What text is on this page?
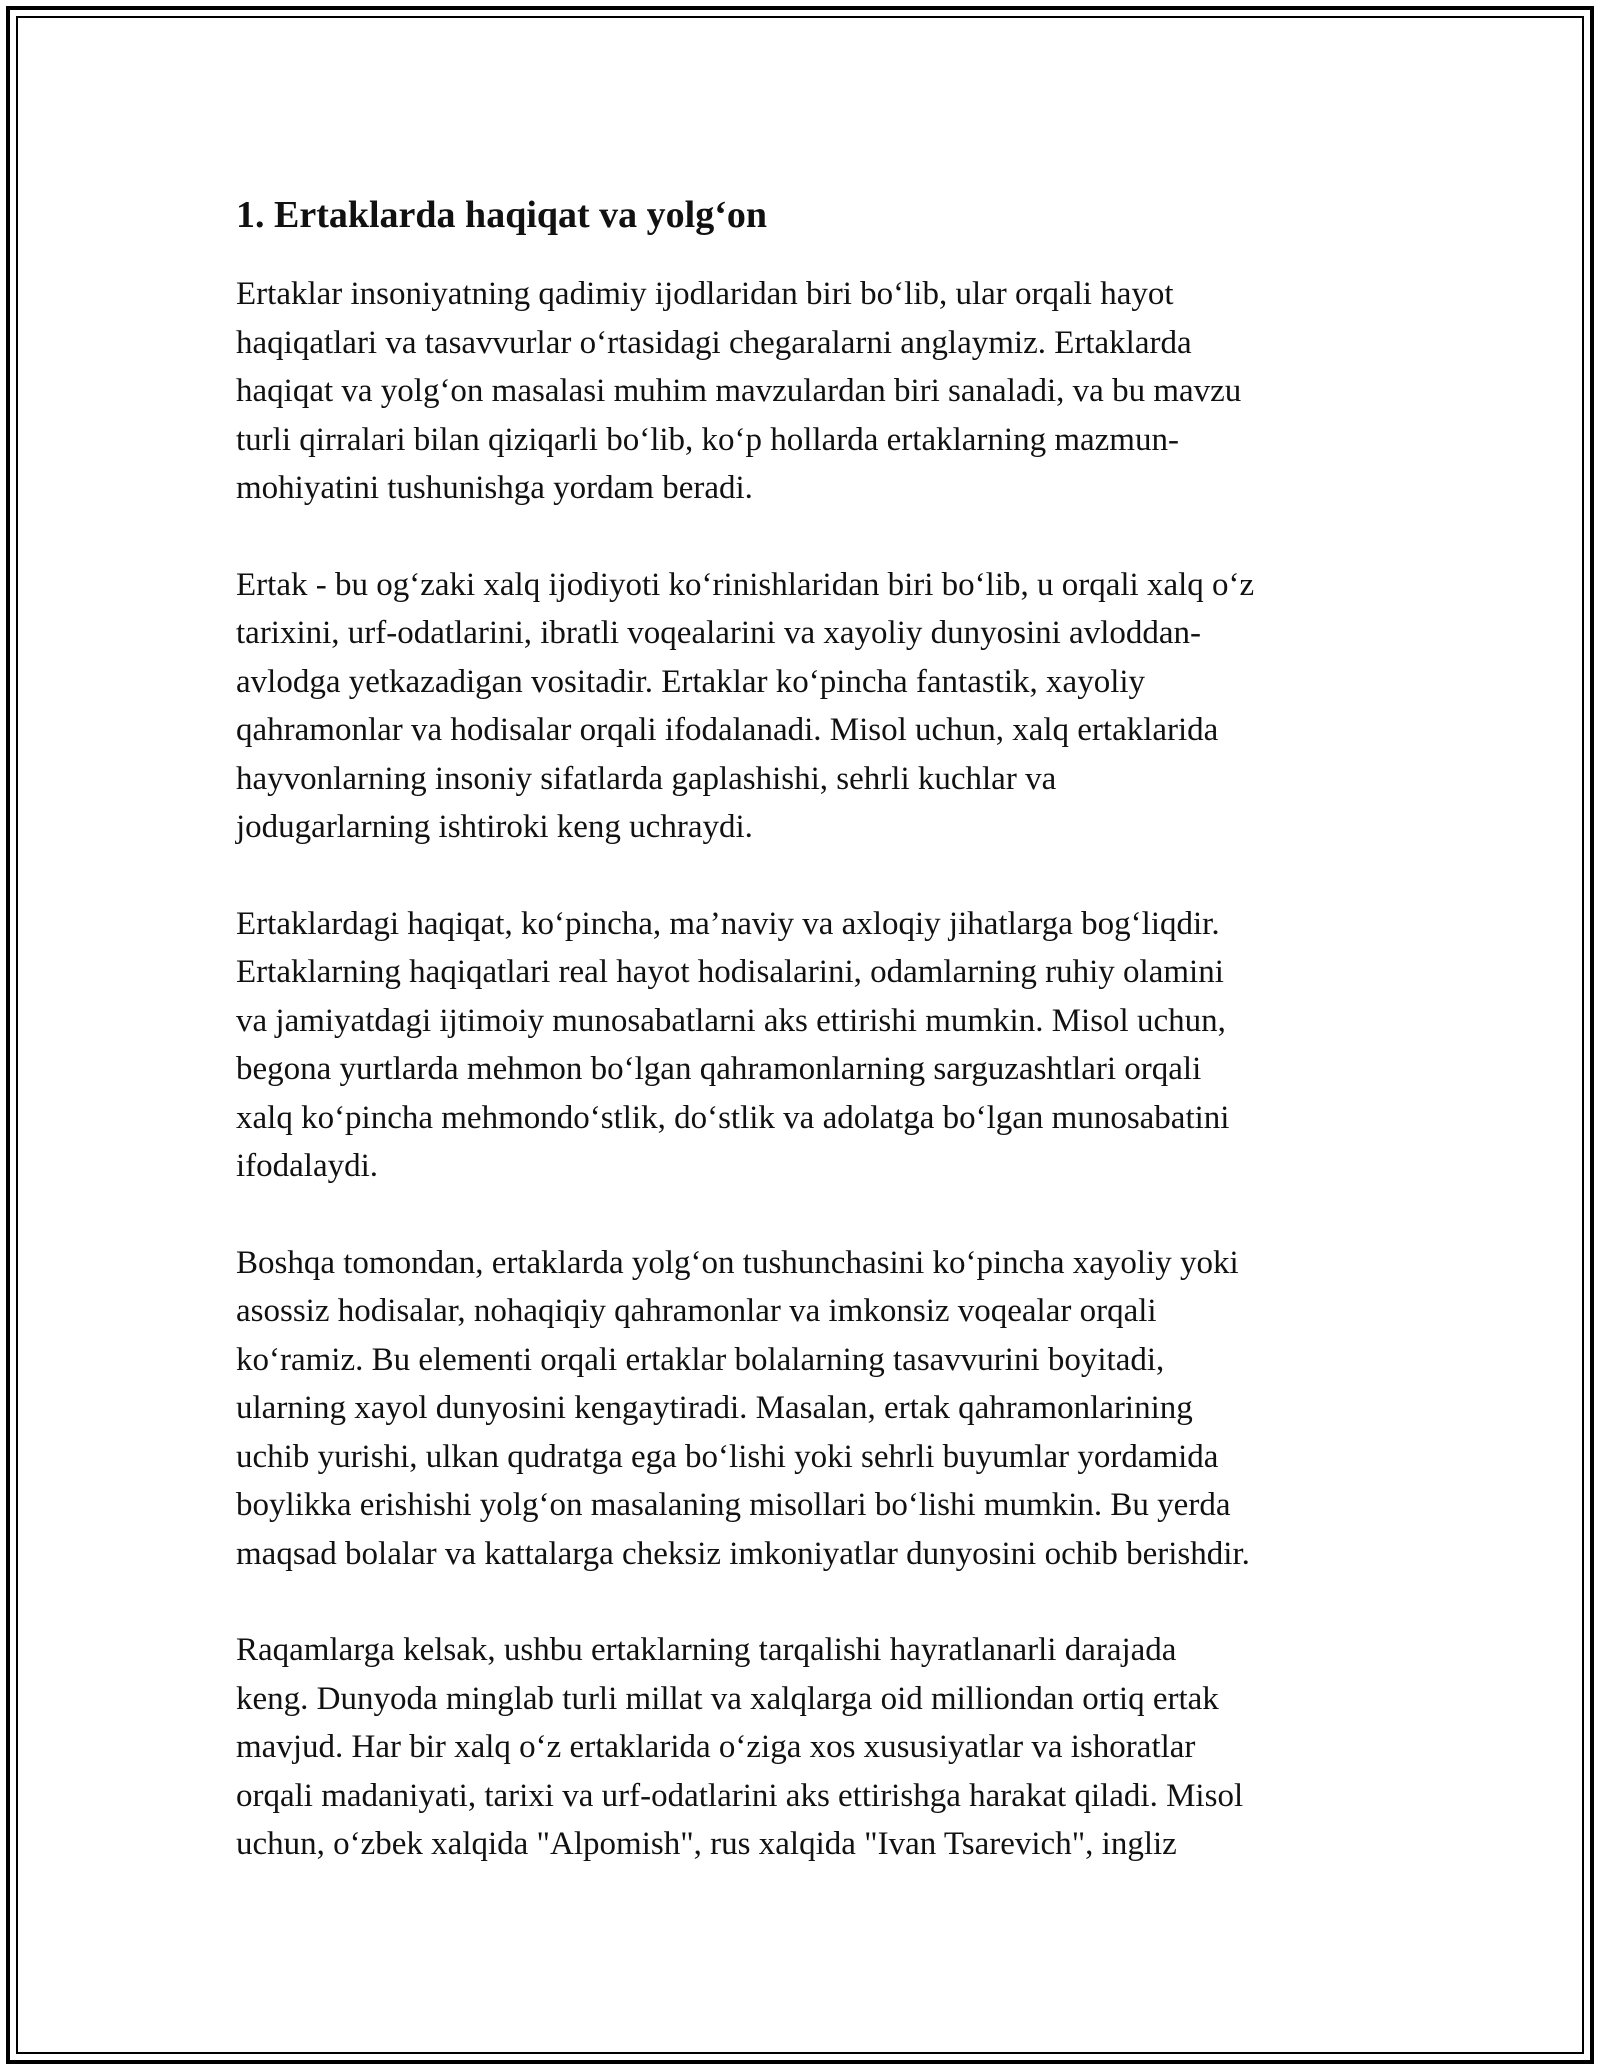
1. Ertaklarda haqiqat va yolg‘on

Ertaklar insoniyatning qadimiy ijodlaridan biri bo‘lib, ular orqali hayot
haqiqatlari va tasavvurlar o‘rtasidagi chegaralarni anglaymiz. Ertaklarda
haqiqat va yolg‘on masalasi muhim mavzulardan biri sanaladi, va bu mavzu
turli qirralari bilan qiziqarli bo‘lib, ko‘p hollarda ertaklarning mazmun-
mohiyatini tushunishga yordam beradi.

Ertak - bu og‘zaki xalq ijodiyoti ko‘rinishlaridan biri bo‘lib, u orqali xalq o‘z
tarixini, urf-odatlarini, ibratli voqealarini va xayoliy dunyosini avloddan-
avlodga yetkazadigan vositadir. Ertaklar ko‘pincha fantastik, xayoliy
qahramonlar va hodisalar orqali ifodalanadi. Misol uchun, xalq ertaklarida
hayvonlarning insoniy sifatlarda gaplashishi, sehrli kuchlar va
jodugarlarning ishtiroki keng uchraydi.

Ertaklardagi haqiqat, ko‘pincha, ma’naviy va axloqiy jihatlarga bog‘liqdir.
Ertaklarning haqiqatlari real hayot hodisalarini, odamlarning ruhiy olamini
va jamiyatdagi ijtimoiy munosabatlarni aks ettirishi mumkin. Misol uchun,
begona yurtlarda mehmon bo‘lgan qahramonlarning sarguzashtlari orqali
xalq ko‘pincha mehmondo‘stlik, do‘stlik va adolatga bo‘lgan munosabatini
ifodalaydi.

Boshqa tomondan, ertaklarda yolg‘on tushunchasini ko‘pincha xayoliy yoki
asossiz hodisalar, nohaqiqiy qahramonlar va imkonsiz voqealar orqali
ko‘ramiz. Bu elementi orqali ertaklar bolalarning tasavvurini boyitadi,
ularning xayol dunyosini kengaytiradi. Masalan, ertak qahramonlarining
uchib yurishi, ulkan qudratga ega bo‘lishi yoki sehrli buyumlar yordamida
boylikka erishishi yolg‘on masalaning misollari bo‘lishi mumkin. Bu yerda
maqsad bolalar va kattalarga cheksiz imkoniyatlar dunyosini ochib berishdir.

Raqamlarga kelsak, ushbu ertaklarning tarqalishi hayratlanarli darajada
keng. Dunyoda minglab turli millat va xalqlarga oid milliondan ortiq ertak
mavjud. Har bir xalq o‘z ertaklarida o‘ziga xos xususiyatlar va ishoratlar
orqali madaniyati, tarixi va urf-odatlarini aks ettirishga harakat qiladi. Misol
uchun, o‘zbek xalqida "Alpomish", rus xalqida "Ivan Tsarevich", ingliz
